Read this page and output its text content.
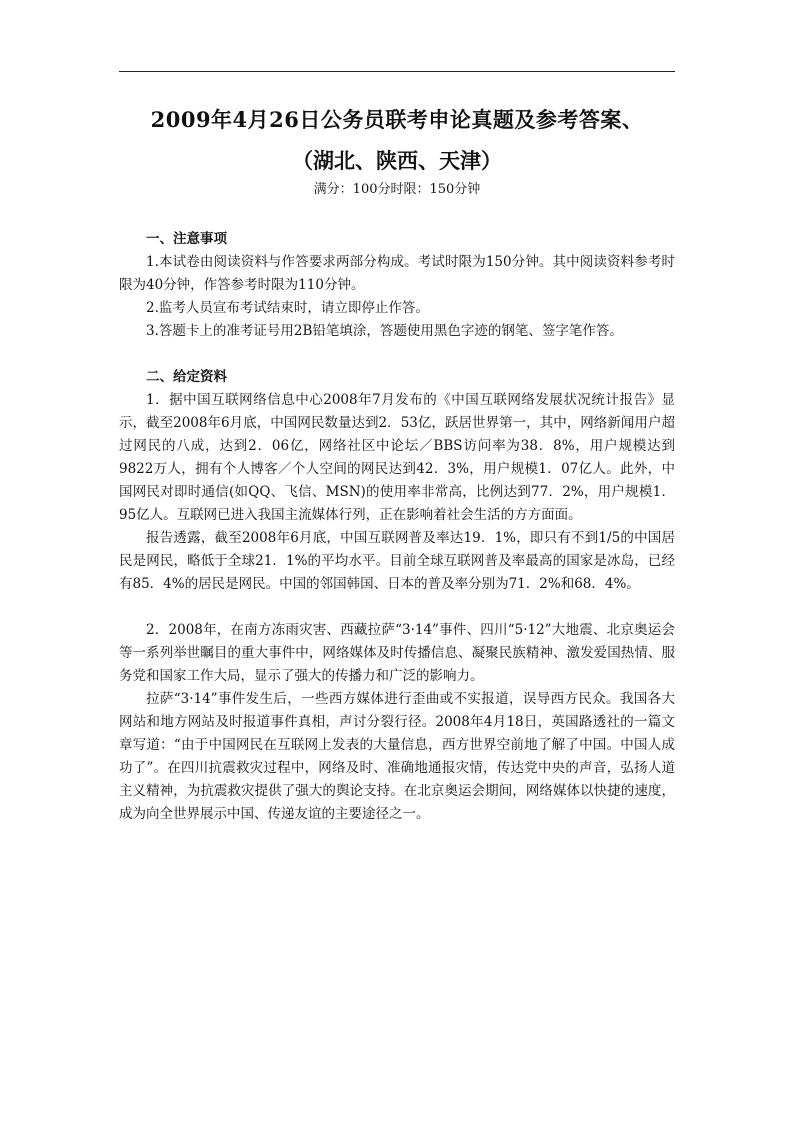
2009年4月26日公务员联考申论真题及参考答案、
（湖北、陕西、天津）
满分：100分时限：150分钟
一、注意事项

1.本试卷由阅读资料与作答要求两部分构成。考试时限为150分钟。其中阅读资料参考时限为40分钟，作答参考时限为110分钟。

2.监考人员宣布考试结束时，请立即停止作答。

3.答题卡上的准考证号用2B铅笔填涂，答题使用黑色字迹的钢笔、签字笔作答。

二、给定资料

1．据中国互联网络信息中心2008年7月发布的《中国互联网络发展状况统计报告》显示，截至2008年6月底，中国网民数量达到2．53亿，跃居世界第一，其中，网络新闻用户超过网民的八成，达到2．06亿，网络社区中论坛／BBS访问率为38．8%，用户规模达到9822万人，拥有个人博客／个人空间的网民达到42．3%，用户规模1．07亿人。此外，中国网民对即时通信(如QQ、飞信、MSN)的使用率非常高，比例达到77．2%，用户规模1．95亿人。互联网已进入我国主流媒体行列，正在影响着社会生活的方方面面。

报告透露，截至2008年6月底，中国互联网普及率达19．1%，即只有不到1/5的中国居民是网民，略低于全球21．1%的平均水平。目前全球互联网普及率最高的国家是冰岛，已经有85．4%的居民是网民。中国的邻国韩国、日本的普及率分别为71．2%和68．4%。

2．2008年，在南方冻雨灾害、西藏拉萨“3·14”事件、四川“5·12”大地震、北京奥运会等一系列举世瞩目的重大事件中，网络媒体及时传播信息、凝聚民族精神、激发爱国热情、服务党和国家工作大局，显示了强大的传播力和广泛的影响力。

拉萨“3·14”事件发生后，一些西方媒体进行歪曲或不实报道，误导西方民众。我国各大网站和地方网站及时报道事件真相，声讨分裂行径。2008年4月18日，英国路透社的一篇文章写道：“由于中国网民在互联网上发表的大量信息，西方世界空前地了解了中国。中国人成功了”。在四川抗震救灾过程中，网络及时、准确地通报灾情，传达党中央的声音，弘扬人道主义精神，为抗震救灾提供了强大的舆论支持。在北京奥运会期间，网络媒体以快捷的速度，成为向全世界展示中国、传递友谊的主要途径之一。
